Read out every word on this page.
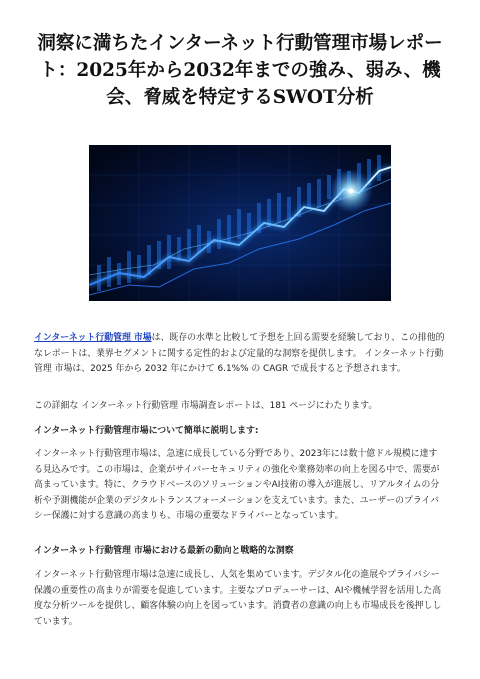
洞察に満ちたインターネット行動管理市場レポート：2025年から2032年までの強み、弱み、機会、脅威を特定するSWOT分析

インターネット行動管理 市場は、既存の水準と比較して予想を上回る需要を経験しており、この排他的なレポートは、業界セグメントに関する定性的および定量的な洞察を提供します。 インターネット行動管理 市場は、2025 年から 2032 年にかけて 6.1%% の CAGR で成長すると予想されます。

この詳細な インターネット行動管理 市場調査レポートは、181 ページにわたります。

インターネット行動管理市場について簡単に説明します:

インターネット行動管理市場は、急速に成長している分野であり、2023年には数十億ドル規模に達する見込みです。この市場は、企業がサイバーセキュリティの強化や業務効率の向上を図る中で、需要が高まっています。特に、クラウドベースのソリューションやAI技術の導入が進展し、リアルタイムの分析や予測機能が企業のデジタルトランスフォーメーションを支えています。また、ユーザーのプライバシー保護に対する意識の高まりも、市場の重要なドライバーとなっています。

インターネット行動管理 市場における最新の動向と戦略的な洞察

インターネット行動管理市場は急速に成長し、人気を集めています。デジタル化の進展やプライバシー保護の重要性の高まりが需要を促進しています。主要なプロデューサーは、AIや機械学習を活用した高度な分析ツールを提供し、顧客体験の向上を図っています。消費者の意識の向上も市場成長を後押ししています。
